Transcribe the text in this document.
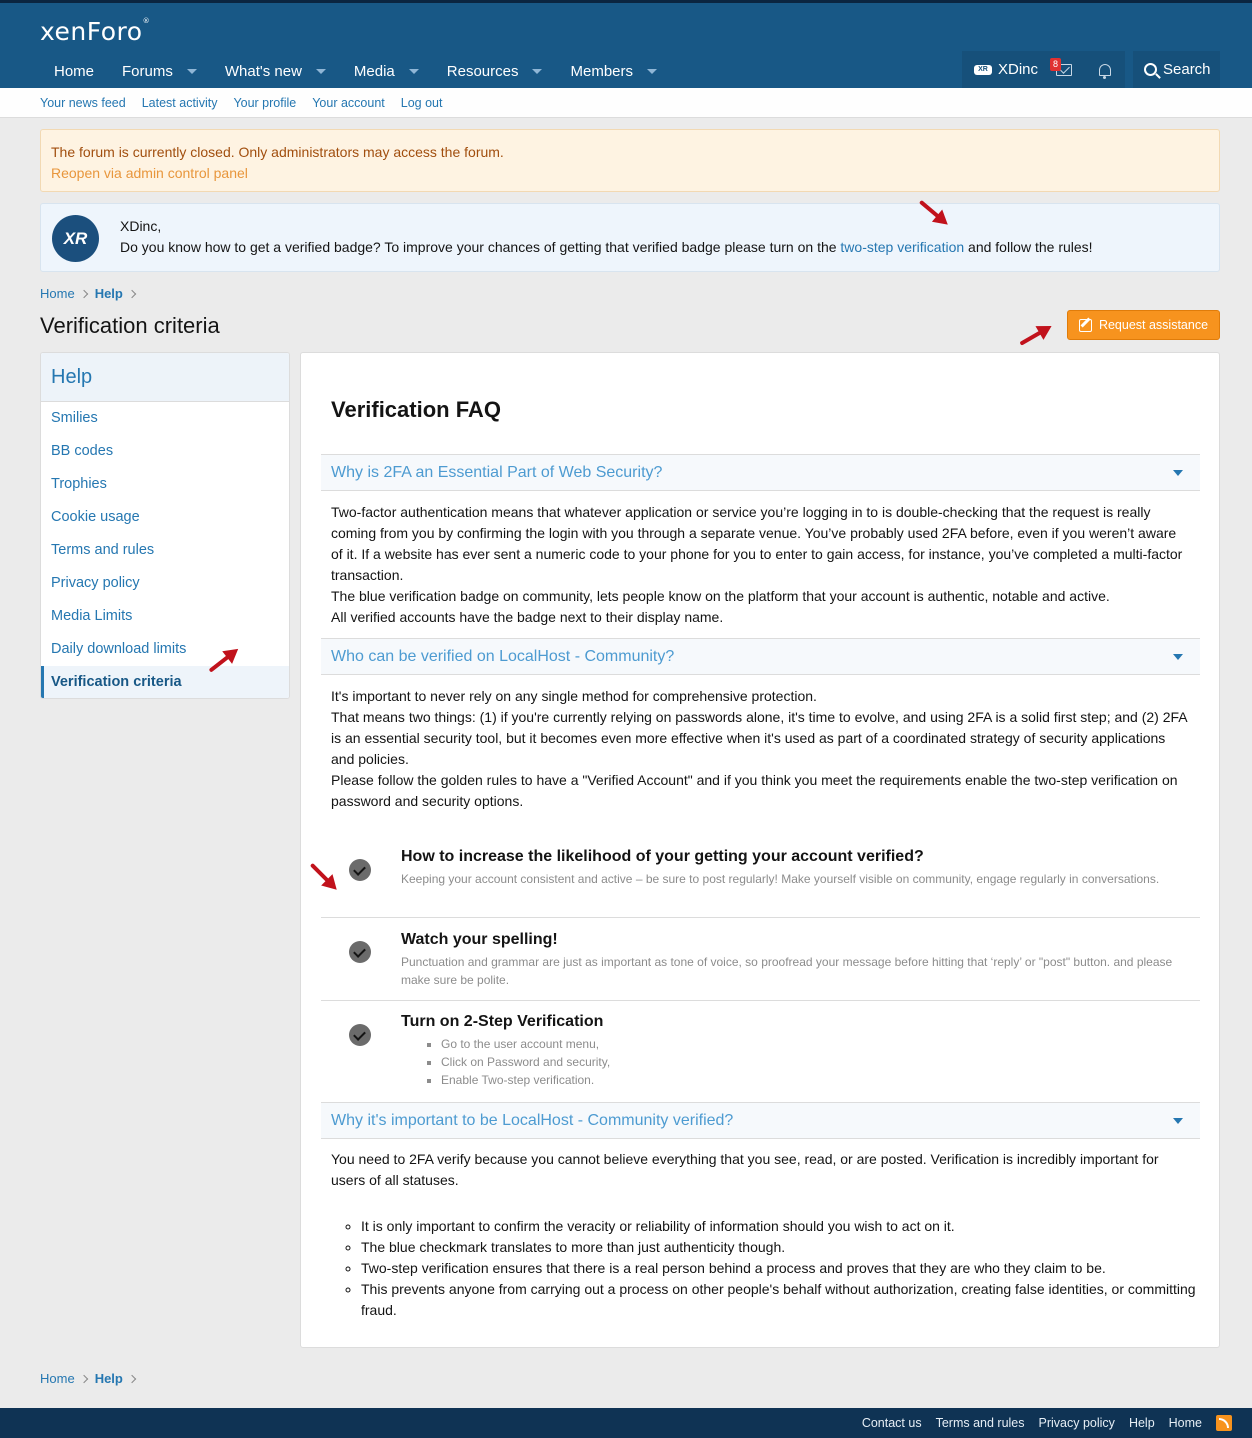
xenForo®
Home Forums	What's new	Media	Resources	Members	XR XDinc	8	Search
Your news feed Latest activity Your profile Your account Log out
The forum is currently closed. Only administrators may access the forum.
Reopen via admin control panel
XR
XDinc,
Do you know how to get a verified badge? To improve your chances of getting that verified badge please turn on the two-step verification and follow the rules!
Home Help
Verification criteria	Request assistance
Help
Smilies
BB codes
Trophies
Cookie usage
Terms and rules
Privacy policy
Media Limits
Daily download limits
Verification criteria
Verification FAQ
Why is 2FA an Essential Part of Web Security?
Two-factor authentication means that whatever application or service you’re logging in to is double-checking that the request is really coming from you by confirming the login with you through a separate venue. You’ve probably used 2FA before, even if you weren’t aware of it. If a website has ever sent a numeric code to your phone for you to enter to gain access, for instance, you’ve completed a multi-factor transaction.
The blue verification badge on community, lets people know on the platform that your account is authentic, notable and active.
All verified accounts have the badge next to their display name.
Who can be verified on LocalHost - Community?
It's important to never rely on any single method for comprehensive protection.
That means two things: (1) if you're currently relying on passwords alone, it's time to evolve, and using 2FA is a solid first step; and (2) 2FA is an essential security tool, but it becomes even more effective when it's used as part of a coordinated strategy of security applications and policies.
Please follow the golden rules to have a "Verified Account" and if you think you meet the requirements enable the two-step verification on password and security options.
How to increase the likelihood of your getting your account verified?
Keeping your account consistent and active – be sure to post regularly! Make yourself visible on community, engage regularly in conversations.
Watch your spelling!
Punctuation and grammar are just as important as tone of voice, so proofread your message before hitting that ‘reply’ or "post" button. and please make sure be polite.
Turn on 2-Step Verification
▪ Go to the user account menu,
▪ Click on Password and security,
▪ Enable Two-step verification.
Why it's important to be LocalHost - Community verified?
You need to 2FA verify because you cannot believe everything that you see, read, or are posted. Verification is incredibly important for users of all statuses.
◦ It is only important to confirm the veracity or reliability of information should you wish to act on it.
◦ The blue checkmark translates to more than just authenticity though.
◦ Two-step verification ensures that there is a real person behind a process and proves that they are who they claim to be.
◦ This prevents anyone from carrying out a process on other people's behalf without authorization, creating false identities, or committing fraud.
Home Help
Contact us Terms and rules Privacy policy Help Home
